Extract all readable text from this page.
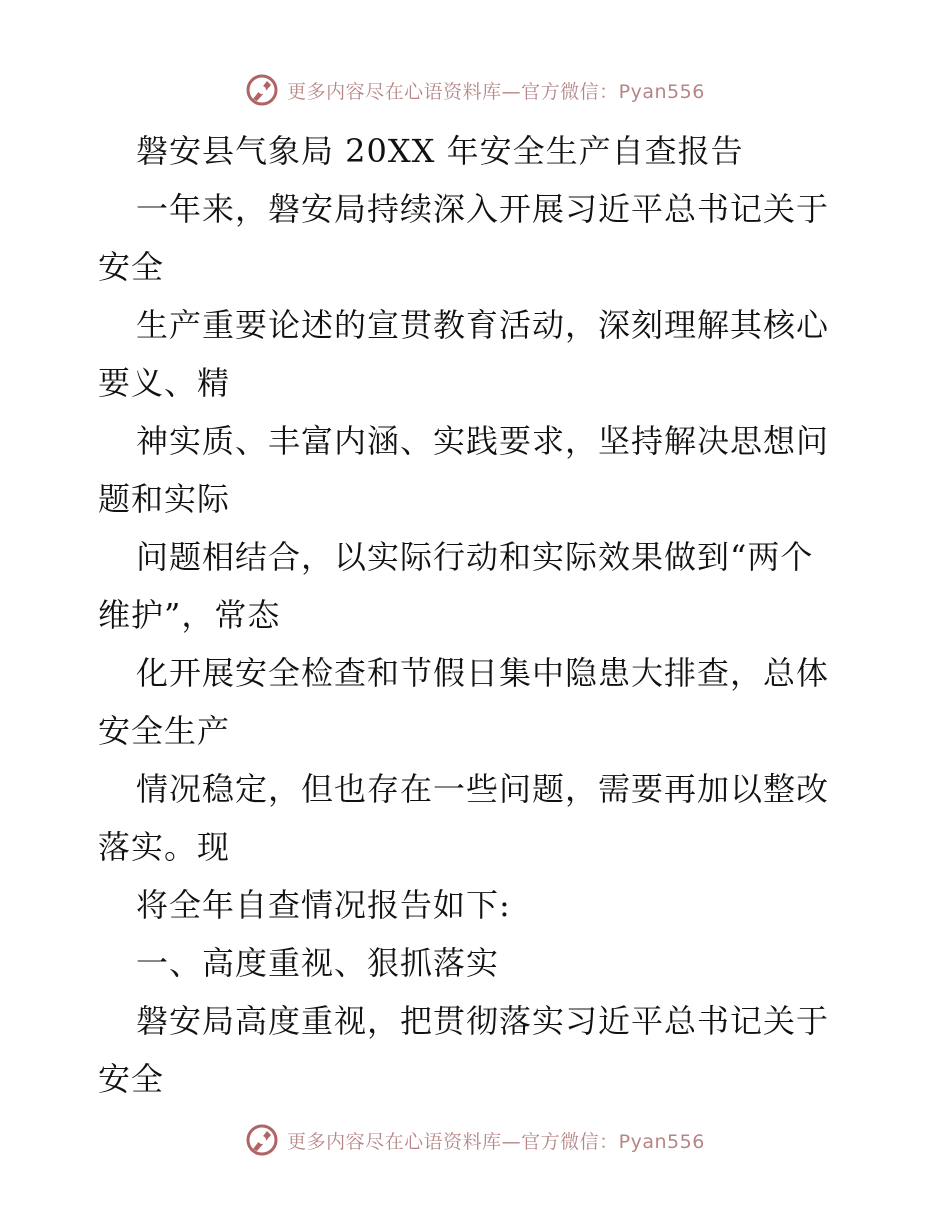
更多内容尽在心语资料库—官方微信：Pyan556
磐安县气象局 20XX 年安全生产自查报告
一年来，磐安局持续深入开展习近平总书记关于
安全
生产重要论述的宣贯教育活动，深刻理解其核心
要义、精
神实质、丰富内涵、实践要求，坚持解决思想问
题和实际
问题相结合，以实际行动和实际效果做到“两个
维护”，常态
化开展安全检查和节假日集中隐患大排查，总体
安全生产
情况稳定，但也存在一些问题，需要再加以整改
落实。现
将全年自查情况报告如下:
一、高度重视、狠抓落实
磐安局高度重视，把贯彻落实习近平总书记关于
安全
更多内容尽在心语资料库—官方微信：Pyan556
